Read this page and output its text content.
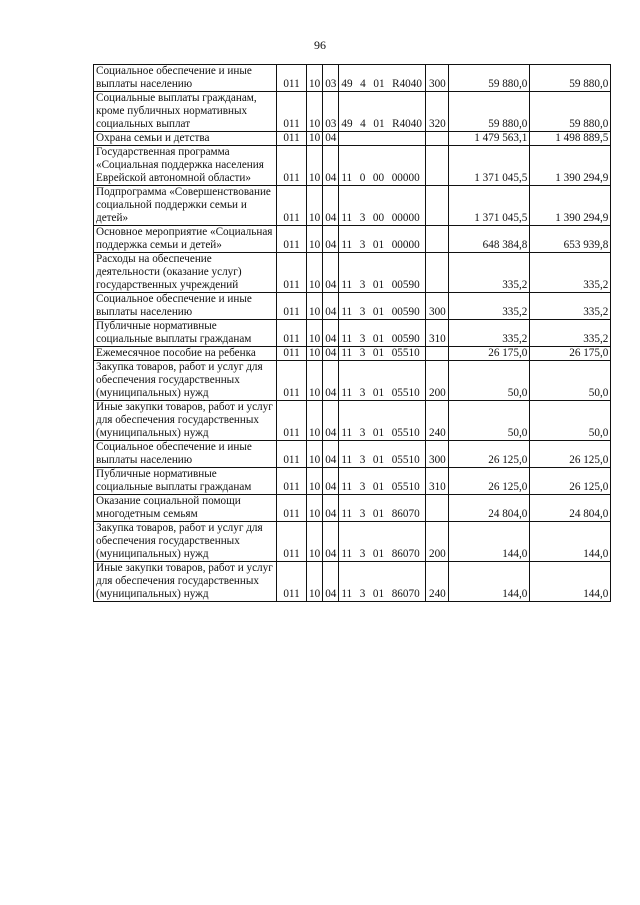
96
Социальное обеспечение и иные выплаты населению	011	10	03	49  4  01  R4040	300	59 880,0	59 880,0
Социальные выплаты гражданам, кроме публичных нормативных социальных выплат	011	10	03	49  4  01  R4040	320	59 880,0	59 880,0
Охрана семьи и детства	011	10	04			1 479 563,1	1 498 889,5
Государственная программа «Социальная поддержка населения Еврейской автономной области»	011	10	04	11  0  00  00000		1 371 045,5	1 390 294,9
Подпрограмма «Совершенствование социальной поддержки семьи и детей»	011	10	04	11  3  00  00000		1 371 045,5	1 390 294,9
Основное мероприятие «Социальная поддержка семьи и детей»	011	10	04	11  3  01  00000		648 384,8	653 939,8
Расходы на обеспечение деятельности (оказание услуг) государственных учреждений	011	10	04	11  3  01  00590		335,2	335,2
Социальное обеспечение и иные выплаты населению	011	10	04	11  3  01  00590	300	335,2	335,2
Публичные нормативные социальные выплаты гражданам	011	10	04	11  3  01  00590	310	335,2	335,2
Ежемесячное пособие на ребенка	011	10	04	11  3  01  05510		26 175,0	26 175,0
Закупка товаров, работ и услуг для обеспечения государственных (муниципальных) нужд	011	10	04	11  3  01  05510	200	50,0	50,0
Иные закупки товаров, работ и услуг для обеспечения государственных (муниципальных) нужд	011	10	04	11  3  01  05510	240	50,0	50,0
Социальное обеспечение и иные выплаты населению	011	10	04	11  3  01  05510	300	26 125,0	26 125,0
Публичные нормативные социальные выплаты гражданам	011	10	04	11  3  01  05510	310	26 125,0	26 125,0
Оказание социальной помощи многодетным семьям	011	10	04	11  3  01  86070		24 804,0	24 804,0
Закупка товаров, работ и услуг для обеспечения государственных (муниципальных) нужд	011	10	04	11  3  01  86070	200	144,0	144,0
Иные закупки товаров, работ и услуг для обеспечения государственных (муниципальных) нужд	011	10	04	11  3  01  86070	240	144,0	144,0
